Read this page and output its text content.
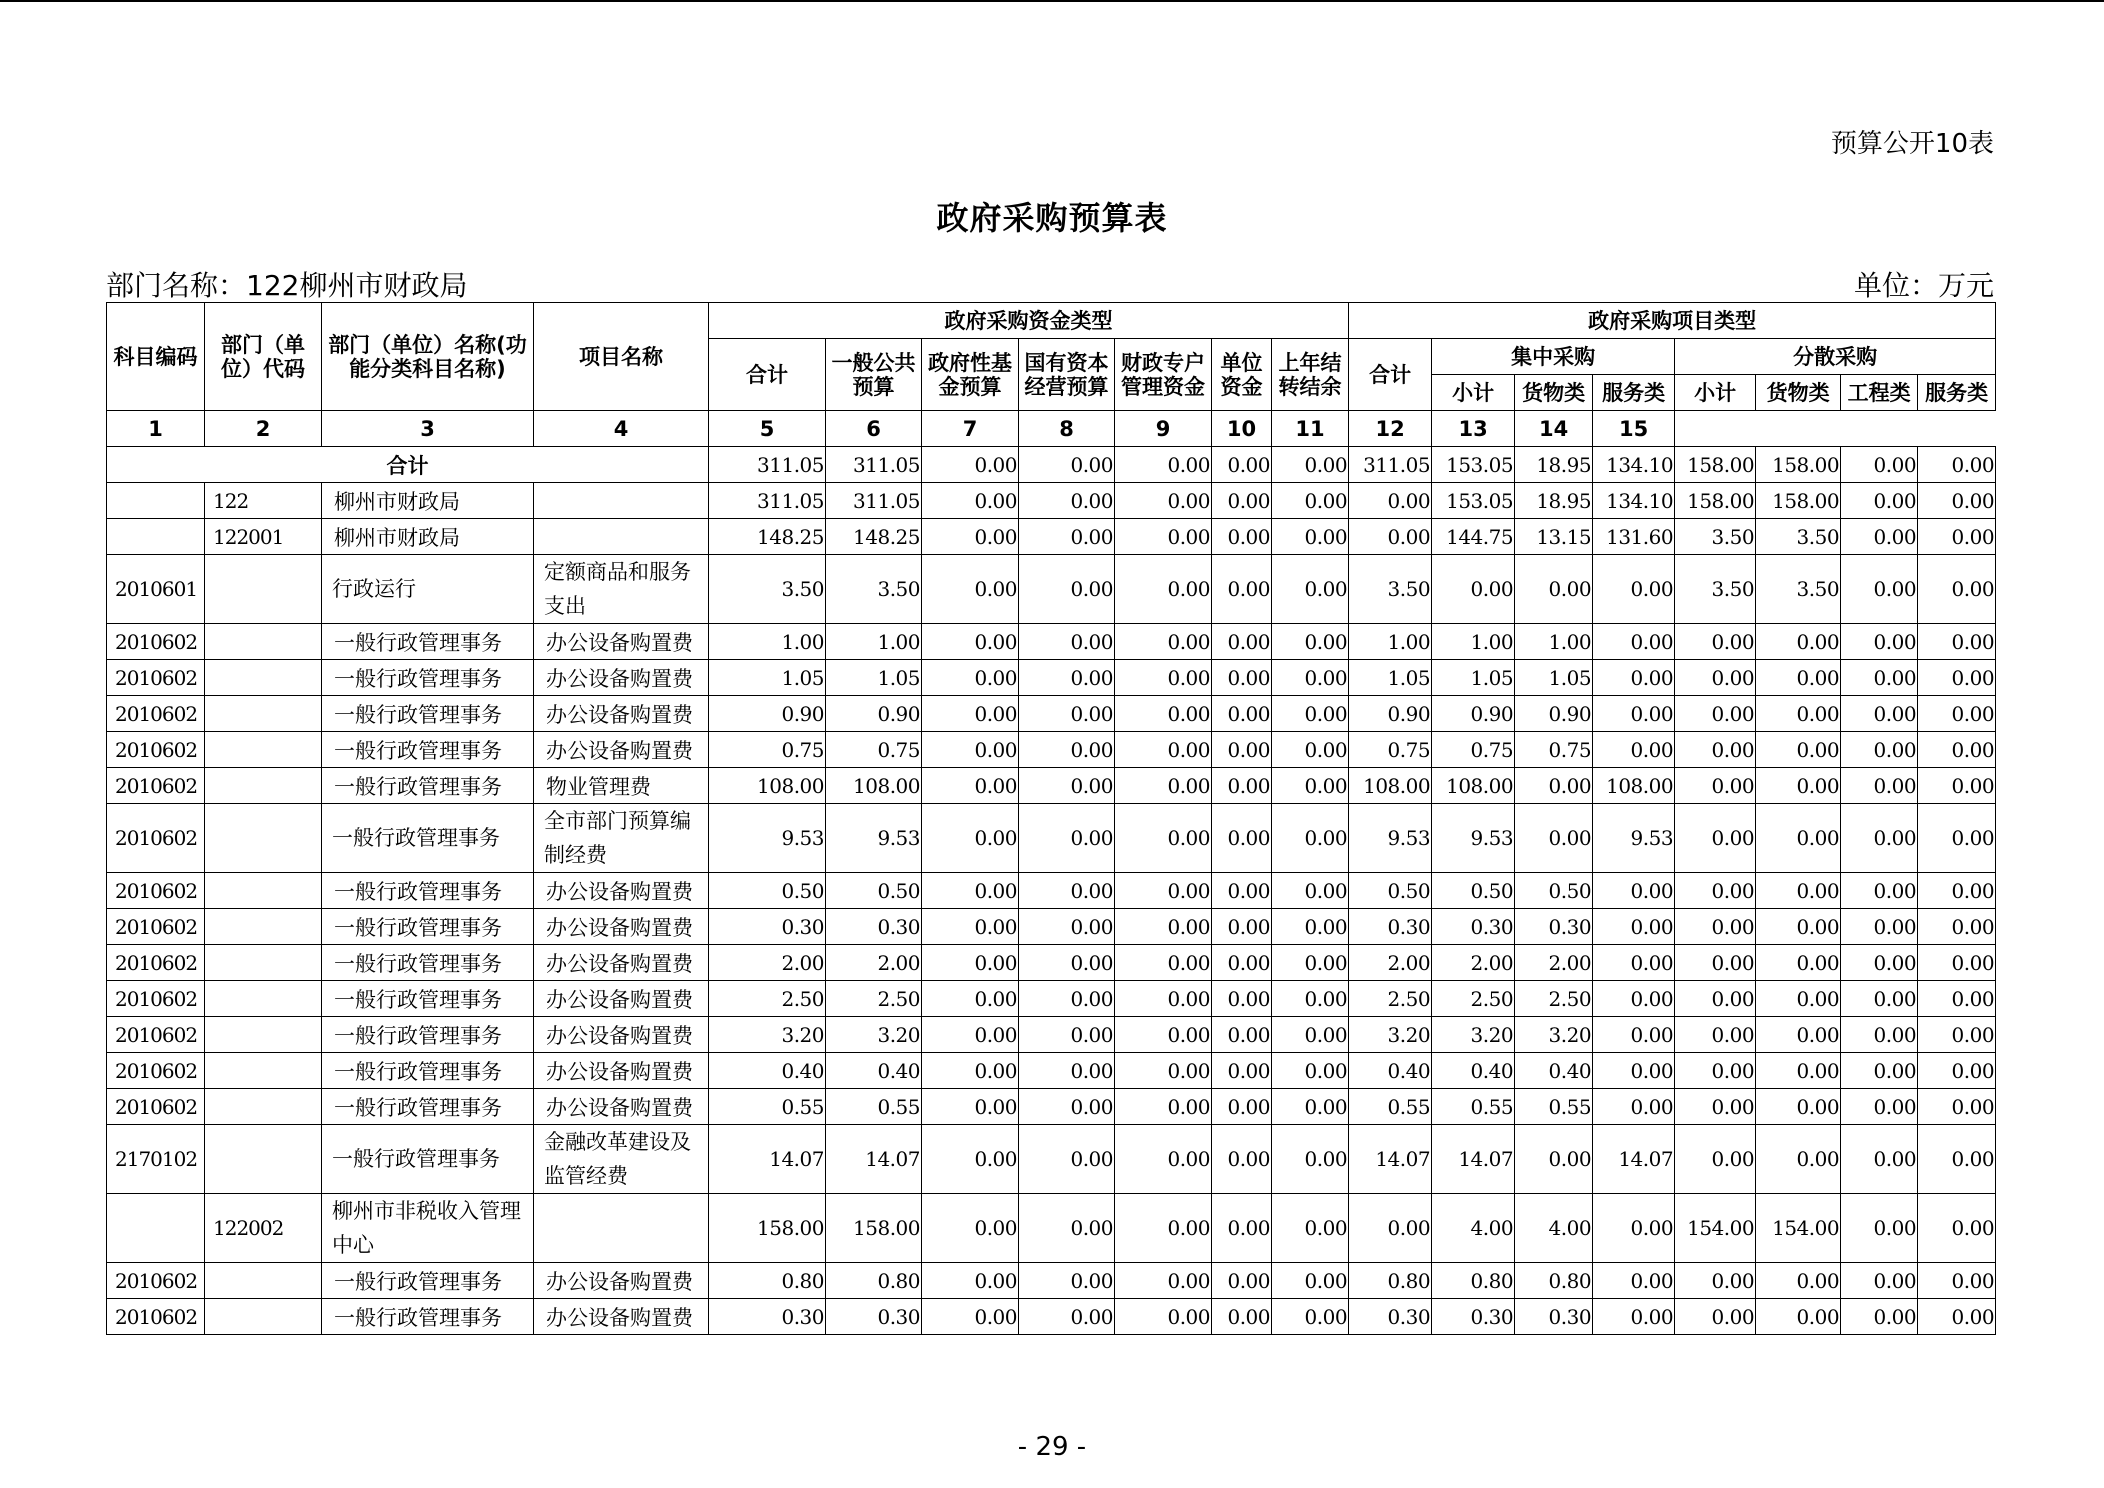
预算公开10表
政府采购预算表
部门名称：122柳州市财政局	单位：万元
科目编码	部门（单位）代码	部门（单位）名称(功能分类科目名称)	项目名称	政府采购资金类型							政府采购项目类型							
				合计	一般公共预算	政府性基金预算	国有资本经营预算	财政专户管理资金	单位资金	上年结转结余	合计	集中采购			分散采购			
												小计	货物类	服务类	小计	货物类	工程类	服务类
1	2	3	4	5	6	7	8	9	10	11	12	13	14	15				
合计				311.05	311.05	0.00	0.00	0.00	0.00	0.00	311.05	153.05	18.95	134.10	158.00	158.00	0.00	0.00
	122	柳州市财政局		311.05	311.05	0.00	0.00	0.00	0.00	0.00	0.00	153.05	18.95	134.10	158.00	158.00	0.00	0.00
	122001	柳州市财政局		148.25	148.25	0.00	0.00	0.00	0.00	0.00	0.00	144.75	13.15	131.60	3.50	3.50	0.00	0.00
2010601		行政运行	定额商品和服务支出	3.50	3.50	0.00	0.00	0.00	0.00	0.00	3.50	0.00	0.00	0.00	3.50	3.50	0.00	0.00
2010602		一般行政管理事务	办公设备购置费	1.00	1.00	0.00	0.00	0.00	0.00	0.00	1.00	1.00	1.00	0.00	0.00	0.00	0.00	0.00
2010602		一般行政管理事务	办公设备购置费	1.05	1.05	0.00	0.00	0.00	0.00	0.00	1.05	1.05	1.05	0.00	0.00	0.00	0.00	0.00
2010602		一般行政管理事务	办公设备购置费	0.90	0.90	0.00	0.00	0.00	0.00	0.00	0.90	0.90	0.90	0.00	0.00	0.00	0.00	0.00
2010602		一般行政管理事务	办公设备购置费	0.75	0.75	0.00	0.00	0.00	0.00	0.00	0.75	0.75	0.75	0.00	0.00	0.00	0.00	0.00
2010602		一般行政管理事务	物业管理费	108.00	108.00	0.00	0.00	0.00	0.00	0.00	108.00	108.00	0.00	108.00	0.00	0.00	0.00	0.00
2010602		一般行政管理事务	全市部门预算编制经费	9.53	9.53	0.00	0.00	0.00	0.00	0.00	9.53	9.53	0.00	9.53	0.00	0.00	0.00	0.00
2010602		一般行政管理事务	办公设备购置费	0.50	0.50	0.00	0.00	0.00	0.00	0.00	0.50	0.50	0.50	0.00	0.00	0.00	0.00	0.00
2010602		一般行政管理事务	办公设备购置费	0.30	0.30	0.00	0.00	0.00	0.00	0.00	0.30	0.30	0.30	0.00	0.00	0.00	0.00	0.00
2010602		一般行政管理事务	办公设备购置费	2.00	2.00	0.00	0.00	0.00	0.00	0.00	2.00	2.00	2.00	0.00	0.00	0.00	0.00	0.00
2010602		一般行政管理事务	办公设备购置费	2.50	2.50	0.00	0.00	0.00	0.00	0.00	2.50	2.50	2.50	0.00	0.00	0.00	0.00	0.00
2010602		一般行政管理事务	办公设备购置费	3.20	3.20	0.00	0.00	0.00	0.00	0.00	3.20	3.20	3.20	0.00	0.00	0.00	0.00	0.00
2010602		一般行政管理事务	办公设备购置费	0.40	0.40	0.00	0.00	0.00	0.00	0.00	0.40	0.40	0.40	0.00	0.00	0.00	0.00	0.00
2010602		一般行政管理事务	办公设备购置费	0.55	0.55	0.00	0.00	0.00	0.00	0.00	0.55	0.55	0.55	0.00	0.00	0.00	0.00	0.00
2170102		一般行政管理事务	金融改革建设及监管经费	14.07	14.07	0.00	0.00	0.00	0.00	0.00	14.07	14.07	0.00	14.07	0.00	0.00	0.00	0.00
	122002	柳州市非税收入管理中心		158.00	158.00	0.00	0.00	0.00	0.00	0.00	0.00	4.00	4.00	0.00	154.00	154.00	0.00	0.00
2010602		一般行政管理事务	办公设备购置费	0.80	0.80	0.00	0.00	0.00	0.00	0.00	0.80	0.80	0.80	0.00	0.00	0.00	0.00	0.00
2010602		一般行政管理事务	办公设备购置费	0.30	0.30	0.00	0.00	0.00	0.00	0.00	0.30	0.30	0.30	0.00	0.00	0.00	0.00	0.00
- 29 -
